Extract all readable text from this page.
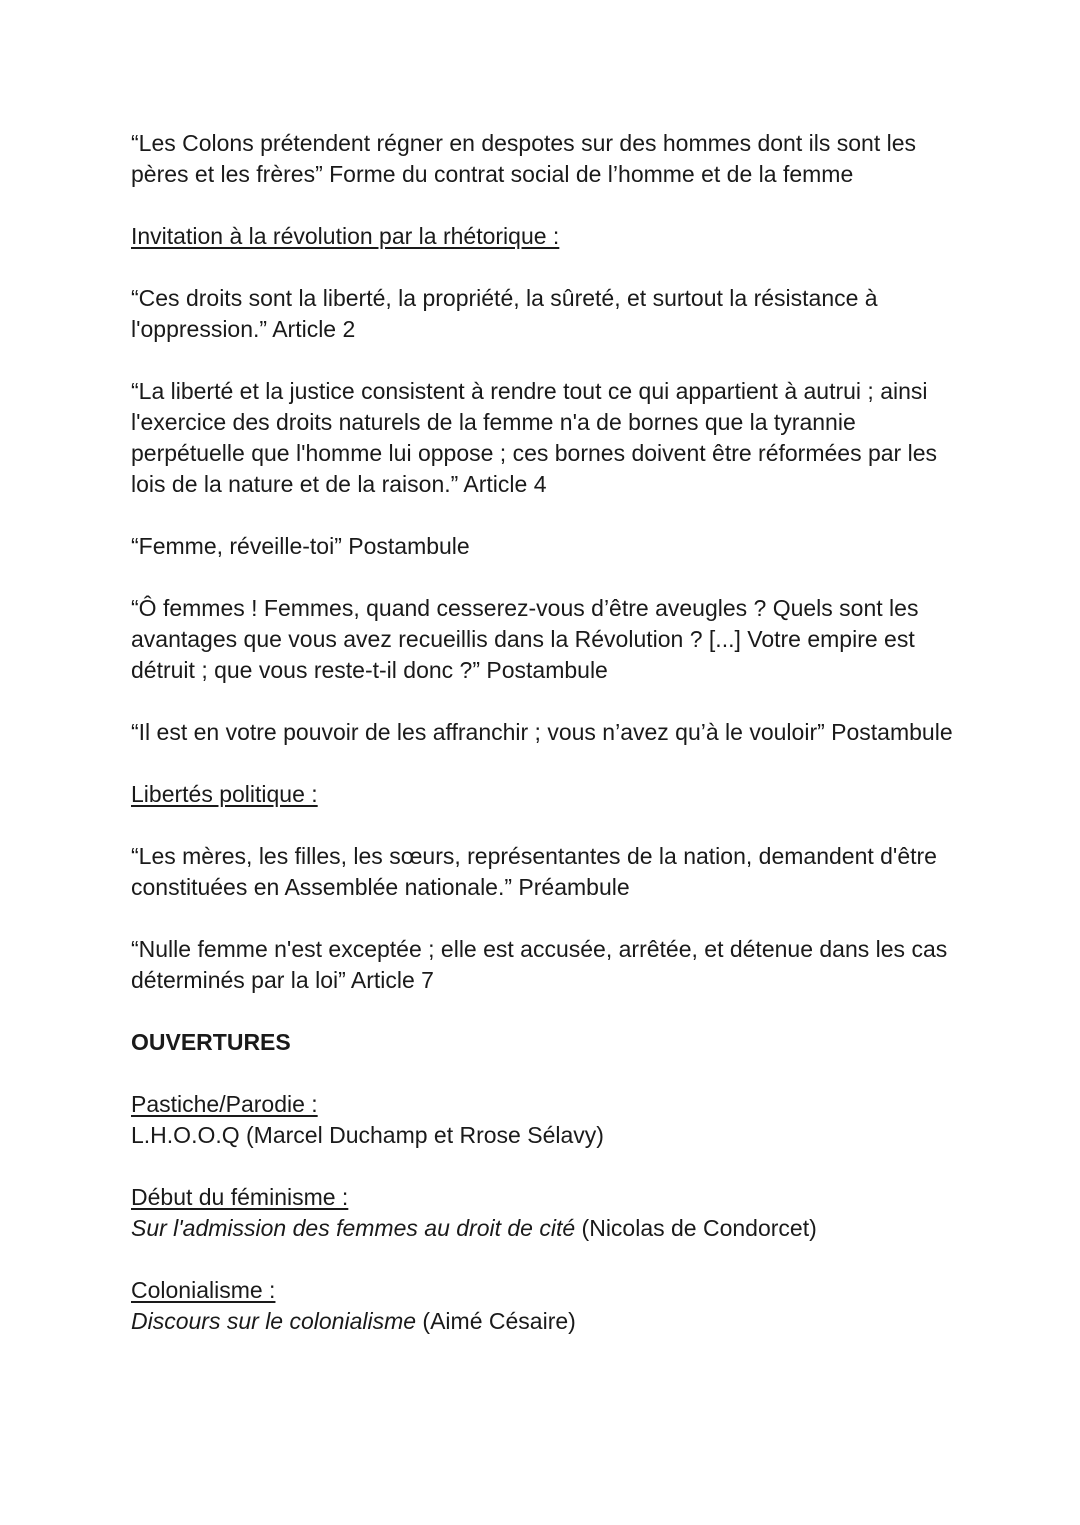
“Les Colons prétendent régner en despotes sur des hommes dont ils sont les pères et les frères” Forme du contrat social de l’homme et de la femme

Invitation à la révolution par la rhétorique :

“Ces droits sont la liberté, la propriété, la sûreté, et surtout la résistance à l'oppression.” Article 2

“La liberté et la justice consistent à rendre tout ce qui appartient à autrui ; ainsi l'exercice des droits naturels de la femme n'a de bornes que la tyrannie perpétuelle que l'homme lui oppose ; ces bornes doivent être réformées par les lois de la nature et de la raison.” Article 4

“Femme, réveille-toi” Postambule

“Ô femmes ! Femmes, quand cesserez-vous d’être aveugles ? Quels sont les avantages que vous avez recueillis dans la Révolution ? [...] Votre empire est détruit ; que vous reste-t-il donc ?” Postambule

“Il est en votre pouvoir de les affranchir ; vous n’avez qu’à le vouloir” Postambule

Libertés politique :

“Les mères, les filles, les sœurs, représentantes de la nation, demandent d'être constituées en Assemblée nationale.” Préambule

“Nulle femme n'est exceptée ; elle est accusée, arrêtée, et détenue dans les cas déterminés par la loi” Article 7

OUVERTURES

Pastiche/Parodie :
L.H.O.O.Q (Marcel Duchamp et Rrose Sélavy)
Début du féminisme :
Sur l'admission des femmes au droit de cité (Nicolas de Condorcet)
Colonialisme :
Discours sur le colonialisme (Aimé Césaire)
